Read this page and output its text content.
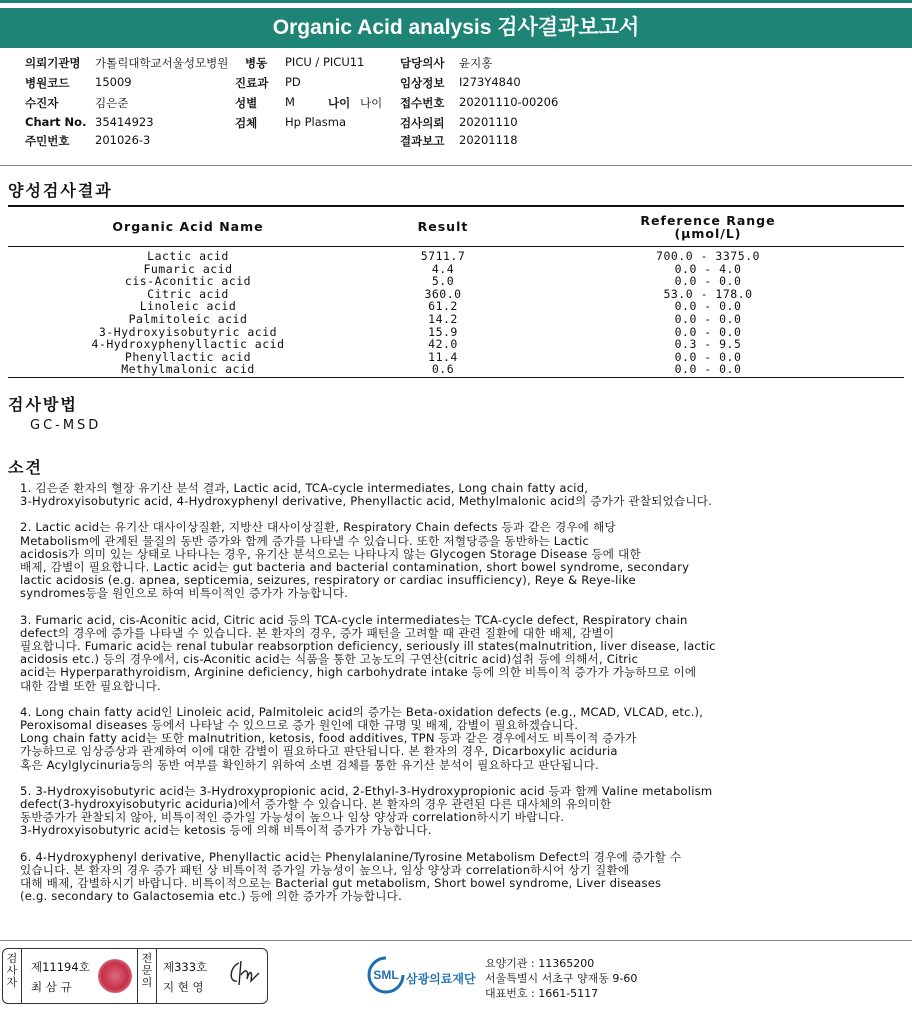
Organic Acid analysis 검사결과보고서
의뢰기관명 가톨릭대학교서울성모병원 병동 PICU / PICU11	담당의사 윤지홍
병원코드 15009	진료과 PD	임상정보 I273Y4840
수진자	김은준	성별 M	나이 나이 접수번호 20201110-00206
Chart No. 35414923	검체 Hp Plasma	검사의뢰 20201110
주민번호 201026-3	결과보고 20201118
양성검사결과
Organic Acid Name	Result	Reference Range
(μmol/L)
Lactic acid	5711.7	700.0 - 3375.0
Fumaric acid	4.4	0.0 - 4.0
cis-Aconitic acid	5.0	0.0 - 0.0
Citric acid	360.0	53.0 - 178.0
Linoleic acid	61.2	0.0 - 0.0
Palmitoleic acid	14.2	0.0 - 0.0
3-Hydroxyisobutyric acid	15.9	0.0 - 0.0
4-Hydroxyphenyllactic acid	42.0	0.3 - 9.5
Phenyllactic acid	11.4	0.0 - 0.0
Methylmalonic acid	0.6	0.0 - 0.0
검사방법
GC-MSD
소견

1. 김은준 환자의 혈장 유기산 분석 결과, Lactic acid, TCA-cycle intermediates, Long chain fatty acid,
3-Hydroxyisobutyric acid, 4-Hydroxyphenyl derivative, Phenyllactic acid, Methylmalonic acid의 증가가 관찰되었습니다.

2. Lactic acid는 유기산 대사이상질환, 지방산 대사이상질환, Respiratory Chain defects 등과 같은 경우에 해당
Metabolism에 관계된 물질의 동반 증가와 함께 증가를 나타낼 수 있습니다. 또한 저혈당증을 동반하는 Lactic
acidosis가 의미 있는 상태로 나타나는 경우, 유기산 분석으로는 나타나지 않는 Glycogen Storage Disease 등에 대한
배제, 감별이 필요합니다. Lactic acid는 gut bacteria and bacterial contamination, short bowel syndrome, secondary
lactic acidosis (e.g. apnea, septicemia, seizures, respiratory or cardiac insufficiency), Reye & Reye-like
syndromes등을 원인으로 하여 비특이적인 증가가 가능합니다.

3. Fumaric acid, cis-Aconitic acid, Citric acid 등의 TCA-cycle intermediates는 TCA-cycle defect, Respiratory chain
defect의 경우에 증가를 나타낼 수 있습니다. 본 환자의 경우, 증가 패턴을 고려할 때 관련 질환에 대한 배제, 감별이
필요합니다. Fumaric acid는 renal tubular reabsorption deficiency, seriously ill states(malnutrition, liver disease, lactic
acidosis etc.) 등의 경우에서, cis-Aconitic acid는 식품을 통한 고농도의 구연산(citric acid)섭취 등에 의해서, Citric
acid는 Hyperparathyroidism, Arginine deficiency, high carbohydrate intake 등에 의한 비특이적 증가가 가능하므로 이에
대한 감별 또한 필요합니다.

4. Long chain fatty acid인 Linoleic acid, Palmitoleic acid의 증가는 Beta-oxidation defects (e.g., MCAD, VLCAD, etc.),
Peroxisomal diseases 등에서 나타날 수 있으므로 증가 원인에 대한 규명 및 배제, 감별이 필요하겠습니다.
Long chain fatty acid는 또한 malnutrition, ketosis, food additives, TPN 등과 같은 경우에서도 비특이적 증가가
가능하므로 임상증상과 관계하여 이에 대한 감별이 필요하다고 판단됩니다. 본 환자의 경우, Dicarboxylic aciduria
혹은 Acylglycinuria등의 동반 여부를 확인하기 위하여 소변 검체를 통한 유기산 분석이 필요하다고 판단됩니다.

5. 3-Hydroxyisobutyric acid는 3-Hydroxypropionic acid, 2-Ethyl-3-Hydroxypropionic acid 등과 함께 Valine metabolism
defect(3-hydroxyisobutyric aciduria)에서 증가할 수 있습니다. 본 환자의 경우 관련된 다른 대사체의 유의미한
동반증가가 관찰되지 않아, 비특이적인 증가일 가능성이 높으나 임상 양상과 correlation하시기 바랍니다.
3-Hydroxyisobutyric acid는 ketosis 등에 의해 비특이적 증가가 가능합니다.

6. 4-Hydroxyphenyl derivative, Phenyllactic acid는 Phenylalanine/Tyrosine Metabolism Defect의 경우에 증가할 수
있습니다. 본 환자의 경우 증가 패턴 상 비특이적 증가일 가능성이 높으나, 임상 양상과 correlation하시어 상기 질환에
대해 배제, 감별하시기 바랍니다. 비특이적으로는 Bacterial gut metabolism, Short bowel syndrome, Liver diseases
(e.g. secondary to Galactosemia etc.) 등에 의한 증가가 가능합니다.

검사자
제11194호
최 삼 규
전문의
제333호
지 현 영
SML 삼광의료재단
요양기관 : 11365200
서울특별시 서초구 양재동 9-60
대표번호 : 1661-5117
